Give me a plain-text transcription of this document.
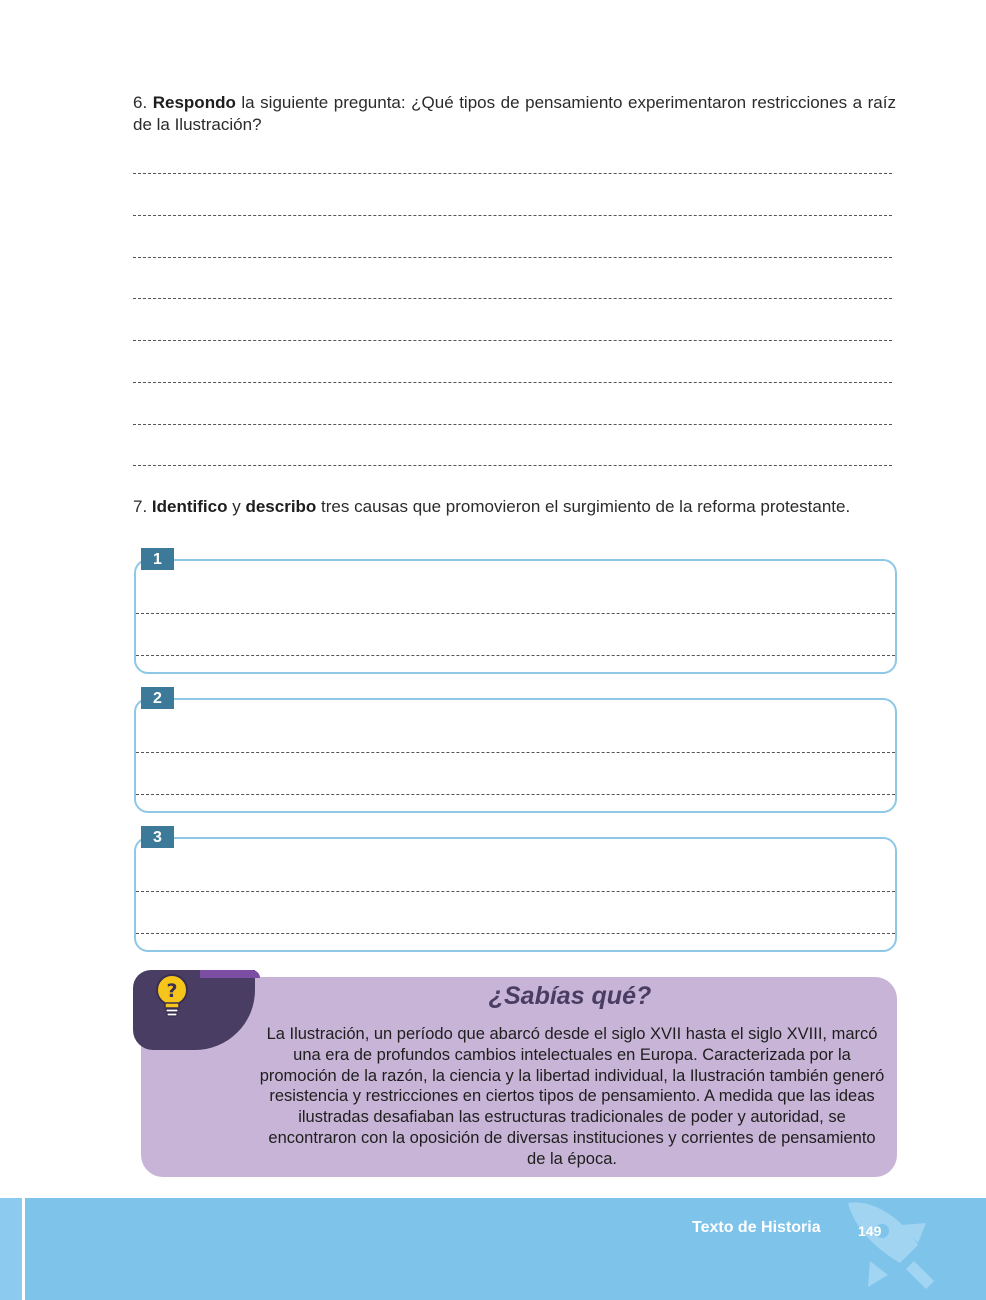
6. Respondo la siguiente pregunta: ¿Qué tipos de pensamiento experimentaron restricciones a raíz de la Ilustración?
7. Identifico y describo tres causas que promovieron el surgimiento de la reforma protestante.
1
2
3
?	¿Sabías qué?
La Ilustración, un período que abarcó desde el siglo XVII hasta el siglo XVIII, marcó una era de profundos cambios intelectuales en Europa. Caracterizada por la promoción de la razón, la ciencia y la libertad individual, la Ilustración también generó resistencia y restricciones en ciertos tipos de pensamiento. A medida que las ideas ilustradas desafiaban las estructuras tradicionales de poder y autoridad, se encontraron con la oposición de diversas instituciones y corrientes de pensamiento de la época.
Texto de Historia	149
